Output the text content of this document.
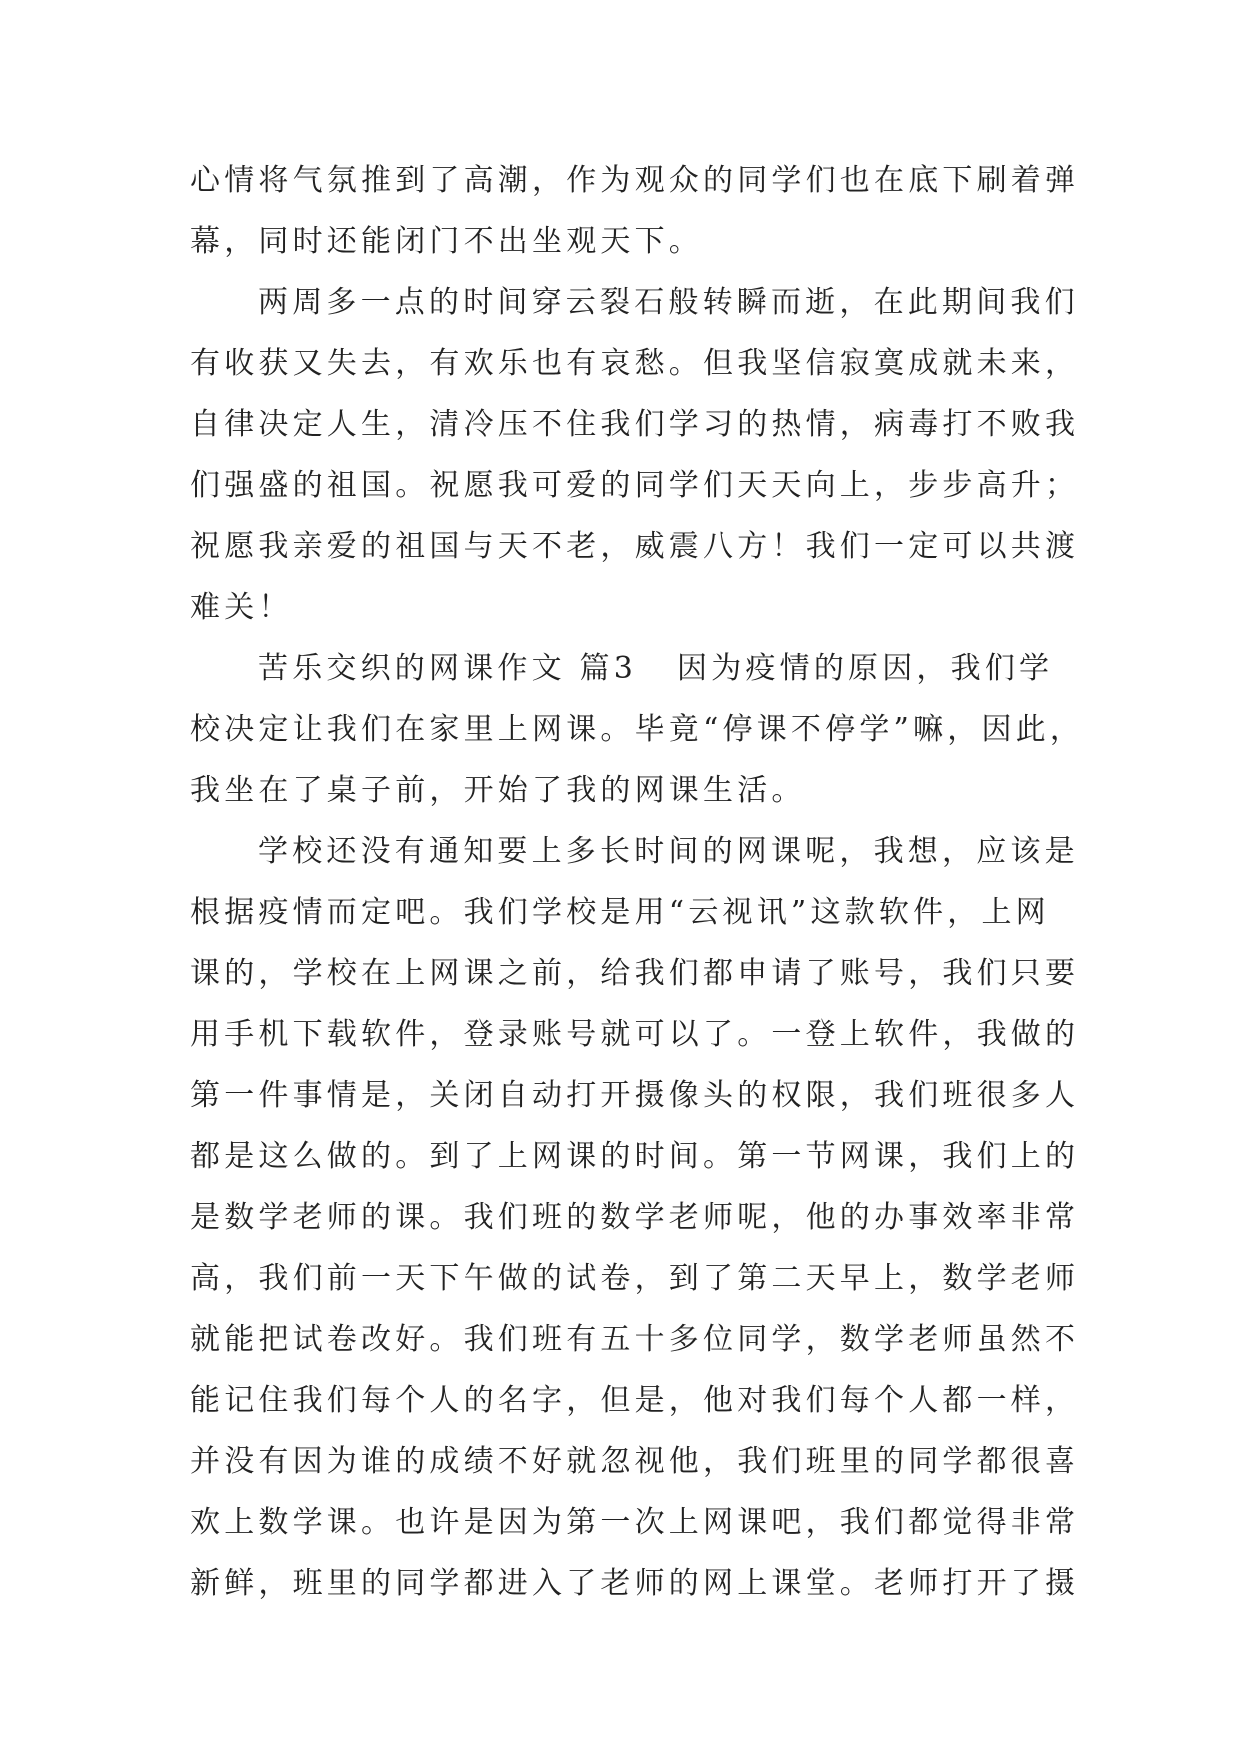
心情将气氛推到了高潮，作为观众的同学们也在底下刷着弹
幕，同时还能闭门不出坐观天下。
两周多一点的时间穿云裂石般转瞬而逝，在此期间我们
有收获又失去，有欢乐也有哀愁。但我坚信寂寞成就未来，
自律决定人生，清冷压不住我们学习的热情，病毒打不败我
们强盛的祖国。祝愿我可爱的同学们天天向上，步步高升；
祝愿我亲爱的祖国与天不老，威震八方！我们一定可以共渡
难关！
苦乐交织的网课作文 篇3 因为疫情的原因，我们学
校决定让我们在家里上网课。毕竟“停课不停学”嘛，因此，
我坐在了桌子前，开始了我的网课生活。
学校还没有通知要上多长时间的网课呢，我想，应该是
根据疫情而定吧。我们学校是用“云视讯”这款软件，上网
课的，学校在上网课之前，给我们都申请了账号，我们只要
用手机下载软件，登录账号就可以了。一登上软件，我做的
第一件事情是，关闭自动打开摄像头的权限，我们班很多人
都是这么做的。到了上网课的时间。第一节网课，我们上的
是数学老师的课。我们班的数学老师呢，他的办事效率非常
高，我们前一天下午做的试卷，到了第二天早上，数学老师
就能把试卷改好。我们班有五十多位同学，数学老师虽然不
能记住我们每个人的名字，但是，他对我们每个人都一样，
并没有因为谁的成绩不好就忽视他，我们班里的同学都很喜
欢上数学课。也许是因为第一次上网课吧，我们都觉得非常
新鲜，班里的同学都进入了老师的网上课堂。老师打开了摄
